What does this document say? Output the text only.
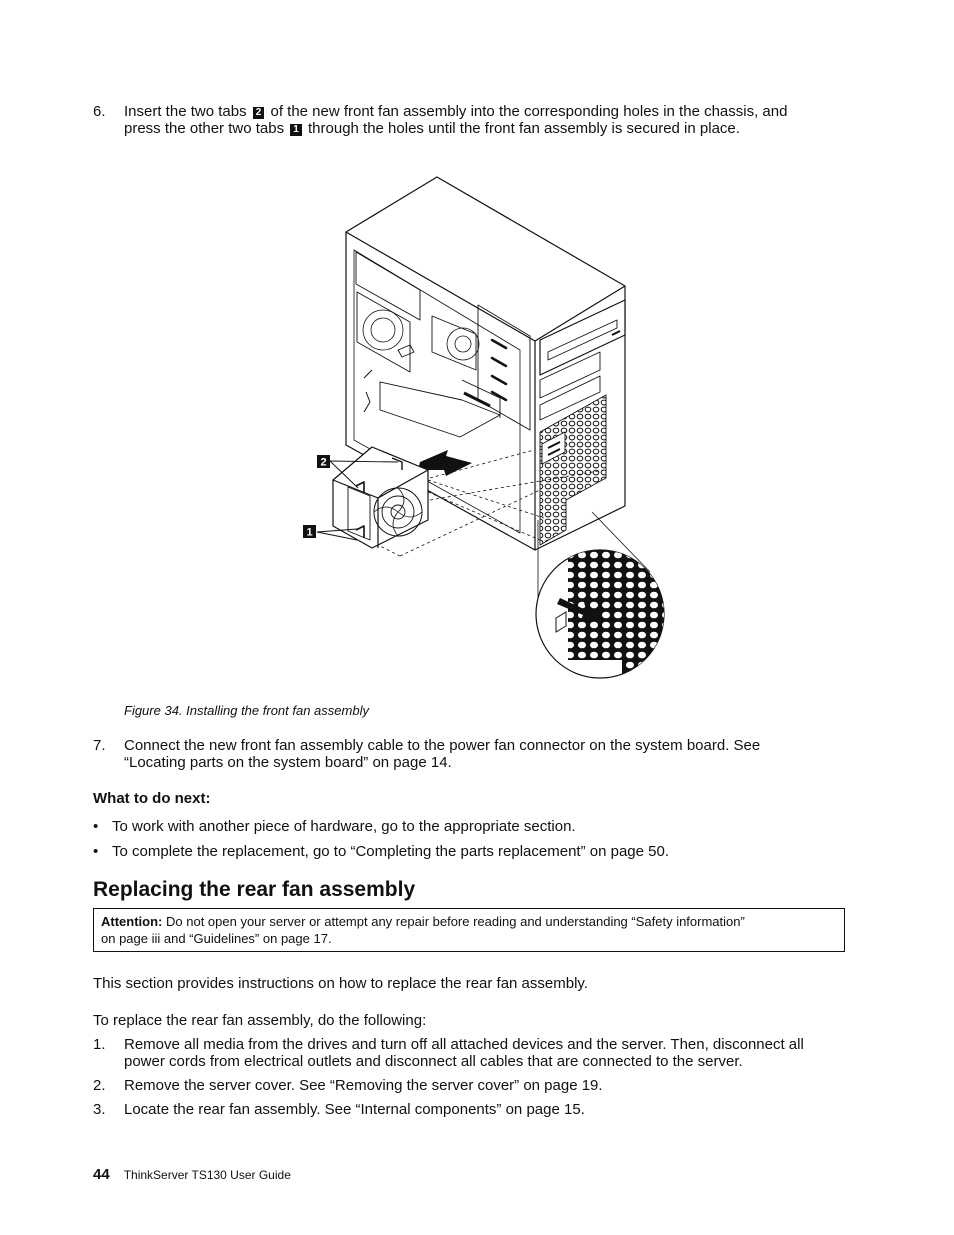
6. Insert the two tabs 2 of the new front fan assembly into the corresponding holes in the chassis, and
press the other two tabs 1 through the holes until the front fan assembly is secured in place.
2
1
Figure 34. Installing the front fan assembly
7. Connect the new front fan assembly cable to the power fan connector on the system board. See
“Locating parts on the system board” on page 14.
What to do next:
• To work with another piece of hardware, go to the appropriate section.
• To complete the replacement, go to “Completing the parts replacement” on page 50.
Replacing the rear fan assembly
Attention: Do not open your server or attempt any repair before reading and understanding “Safety information”
on page iii and “Guidelines” on page 17.
This section provides instructions on how to replace the rear fan assembly.
To replace the rear fan assembly, do the following:
1. Remove all media from the drives and turn off all attached devices and the server. Then, disconnect all
power cords from electrical outlets and disconnect all cables that are connected to the server.
2. Remove the server cover. See “Removing the server cover” on page 19.
3. Locate the rear fan assembly. See “Internal components” on page 15.
44 ThinkServer TS130 User Guide
